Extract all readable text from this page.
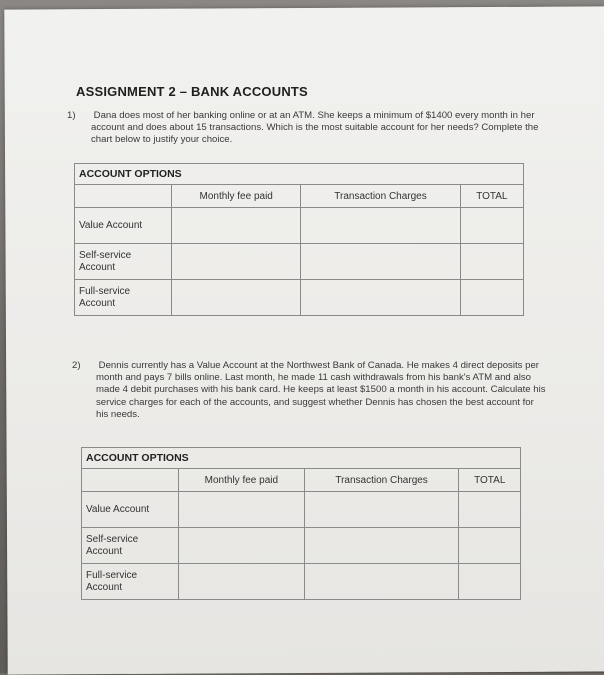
ASSIGNMENT 2 – BANK ACCOUNTS
1) Dana does most of her banking online or at an ATM. She keeps a minimum of $1400 every month in her account and does about 15 transactions. Which is the most suitable account for her needs? Complete the chart below to justify your choice.
ACCOUNT OPTIONS			
	Monthly fee paid	Transaction Charges	TOTAL
Value Account			
Self-service Account			
Full-service Account			
2) Dennis currently has a Value Account at the Northwest Bank of Canada. He makes 4 direct deposits per month and pays 7 bills online. Last month, he made 11 cash withdrawals from his bank's ATM and also made 4 debit purchases with his bank card. He keeps at least $1500 a month in his account. Calculate his service charges for each of the accounts, and suggest whether Dennis has chosen the best account for his needs.
ACCOUNT OPTIONS			
	Monthly fee paid	Transaction Charges	TOTAL
Value Account			
Self-service Account			
Full-service Account			
